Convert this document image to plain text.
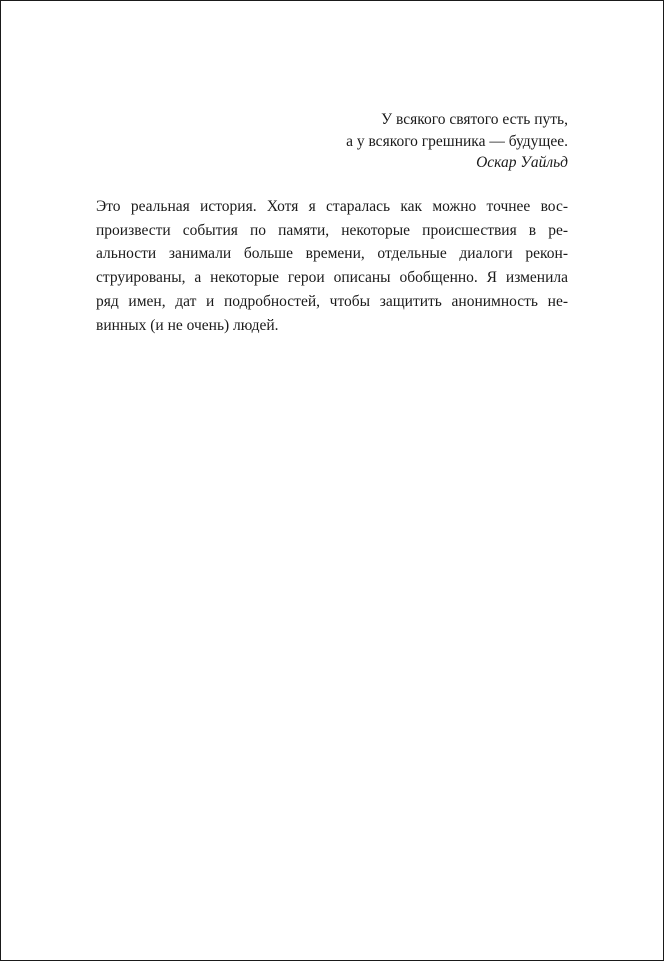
У всякого святого есть путь,
а у всякого грешника — будущее.
Оскар Уайльд
Это реальная история. Хотя я старалась как можно точнее вос-
произвести события по памяти, некоторые происшествия в ре-
альности занимали больше времени, отдельные диалоги рекон-
струированы, а некоторые герои описаны обобщенно. Я изменила
ряд имен, дат и подробностей, чтобы защитить анонимность не-
винных (и не очень) людей.
